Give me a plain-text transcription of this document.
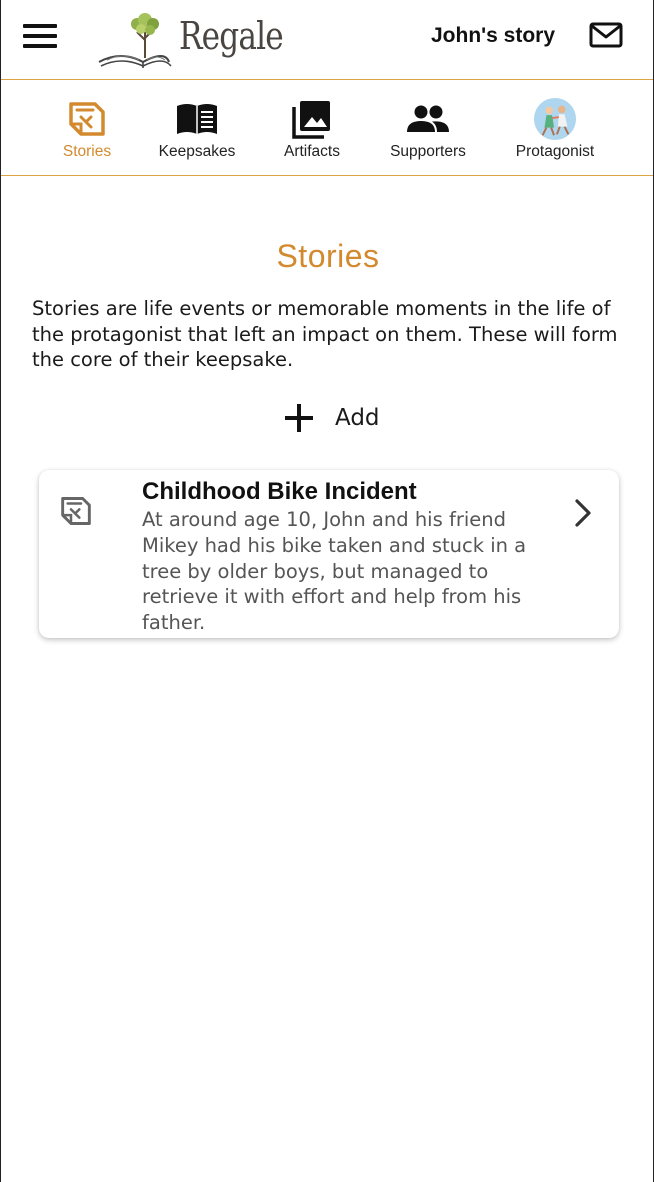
Regale	John's story
Stories	Keepsakes	Artifacts	Supporters	Protagonist
Stories

Stories are life events or memorable moments in the life of the protagonist that left an impact on them. These will form the core of their keepsake.

Add
Childhood Bike Incident
At around age 10, John and his friend Mikey had his bike taken and stuck in a tree by older boys, but managed to retrieve it with effort and help from his father.
